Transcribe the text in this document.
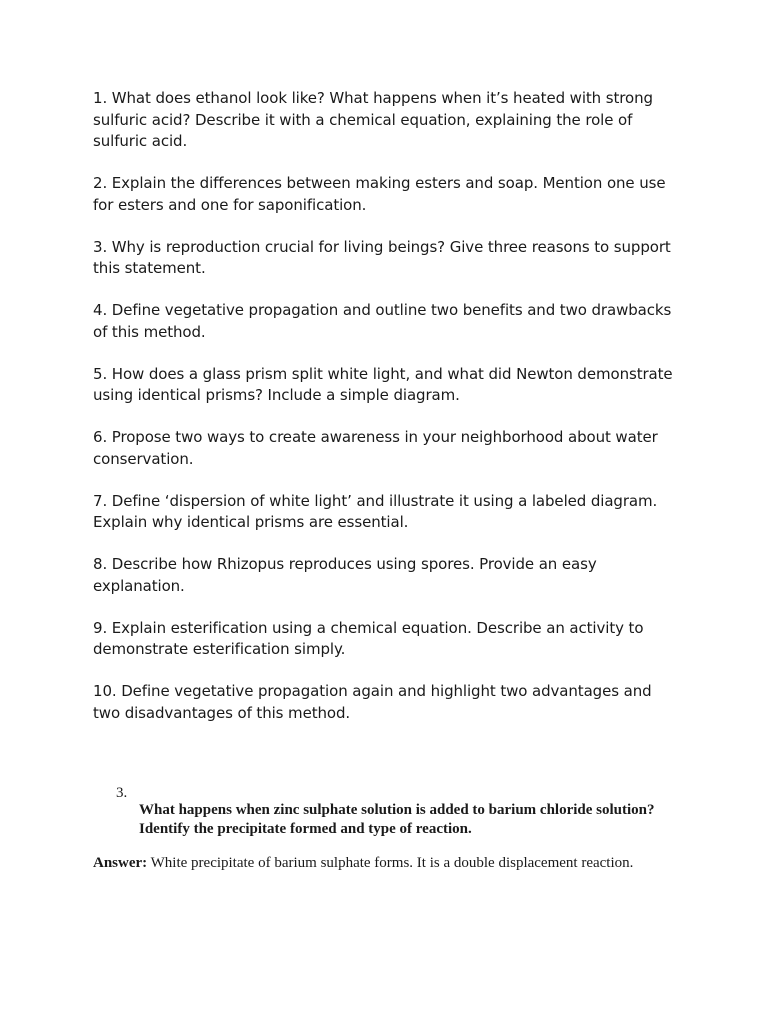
1. What does ethanol look like? What happens when it’s heated with strong sulfuric acid? Describe it with a chemical equation, explaining the role of sulfuric acid.

2. Explain the differences between making esters and soap. Mention one use for esters and one for saponification.

3. Why is reproduction crucial for living beings? Give three reasons to support this statement.

4. Define vegetative propagation and outline two benefits and two drawbacks of this method.

5. How does a glass prism split white light, and what did Newton demonstrate using identical prisms? Include a simple diagram.

6. Propose two ways to create awareness in your neighborhood about water conservation.

7. Define ‘dispersion of white light’ and illustrate it using a labeled diagram. Explain why identical prisms are essential.

8. Describe how Rhizopus reproduces using spores. Provide an easy explanation.

9. Explain esterification using a chemical equation. Describe an activity to demonstrate esterification simply.

10. Define vegetative propagation again and highlight two advantages and two disadvantages of this method.

3.
What happens when zinc sulphate solution is added to barium chloride solution? Identify the precipitate formed and type of reaction.
Answer: White precipitate of barium sulphate forms. It is a double displacement reaction.
